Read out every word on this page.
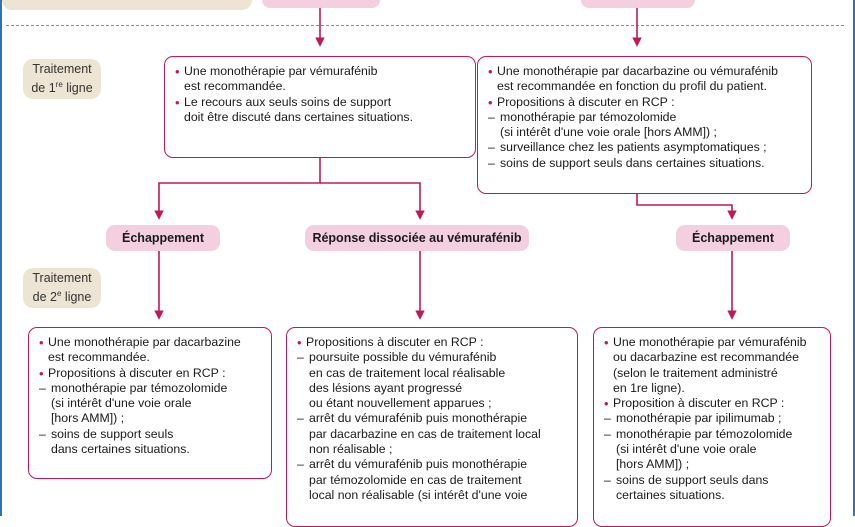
Traitement
de 1re ligne
Traitement
de 2e ligne
• Une monothérapie par vémurafénib
est recommandée.
• Le recours aux seuls soins de support
doit être discuté dans certaines situations.
• Une monothérapie par dacarbazine ou vémurafénib
est recommandée en fonction du profil du patient.
• Propositions à discuter en RCP :
– monothérapie par témozolomide
(si intérêt d'une voie orale [hors AMM]) ;
– surveillance chez les patients asymptomatiques ;
– soins de support seuls dans certaines situations.
Échappement	Réponse dissociée au vémurafénib	Échappement
• Une monothérapie par dacarbazine
est recommandée.
• Propositions à discuter en RCP :
– monothérapie par témozolomide
(si intérêt d'une voie orale
[hors AMM]) ;
– soins de support seuls
dans certaines situations.
• Propositions à discuter en RCP :
– poursuite possible du vémurafénib
en cas de traitement local réalisable
des lésions ayant progressé
ou étant nouvellement apparues ;
– arrêt du vémurafénib puis monothérapie
par dacarbazine en cas de traitement local
non réalisable ;
– arrêt du vémurafénib puis monothérapie
par témozolomide en cas de traitement
local non réalisable (si intérêt d'une voie
• Une monothérapie par vémurafénib
ou dacarbazine est recommandée
(selon le traitement administré
en 1re ligne).
• Proposition à discuter en RCP :
– monothérapie par ipilimumab ;
– monothérapie par témozolomide
(si intérêt d'une voie orale
[hors AMM]) ;
– soins de support seuls dans
certaines situations.
